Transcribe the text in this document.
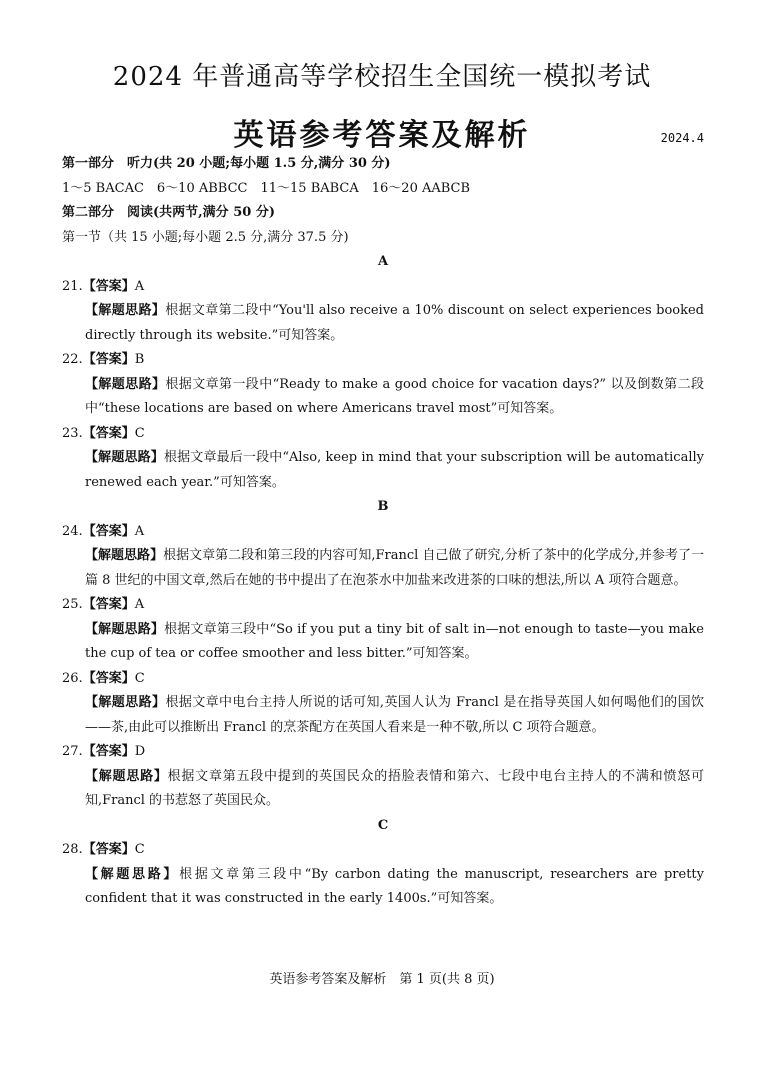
2024 年普通高等学校招生全国统一模拟考试
英语参考答案及解析	2024.4

第一部分　听力(共 20 小题;每小题 1.5 分,满分 30 分)

1～5 BACAC　6～10 ABBCC　11～15 BABCA　16～20 AABCB

第二部分　阅读(共两节,满分 50 分)

第一节（共 15 小题;每小题 2.5 分,满分 37.5 分)

A
21.【答案】A

【解题思路】根据文章第二段中“You'll also receive a 10% discount on select experiences booked directly through its website.”可知答案。

22.【答案】B

【解题思路】根据文章第一段中“Ready to make a good choice for vacation days?” 以及倒数第二段中“these locations are based on where Americans travel most”可知答案。

23.【答案】C

【解题思路】根据文章最后一段中“Also, keep in mind that your subscription will be automatically renewed each year.”可知答案。

B
24.【答案】A

【解题思路】根据文章第二段和第三段的内容可知,Francl 自己做了研究,分析了茶中的化学成分,并参考了一篇 8 世纪的中国文章,然后在她的书中提出了在泡茶水中加盐来改进茶的口味的想法,所以 A 项符合题意。

25.【答案】A

【解题思路】根据文章第三段中“So if you put a tiny bit of salt in—not enough to taste—you make the cup of tea or coffee smoother and less bitter.”可知答案。

26.【答案】C

【解题思路】根据文章中电台主持人所说的话可知,英国人认为 Francl 是在指导英国人如何喝他们的国饮——茶,由此可以推断出 Francl 的烹茶配方在英国人看来是一种不敬,所以 C 项符合题意。

27.【答案】D

【解题思路】根据文章第五段中提到的英国民众的捂脸表情和第六、七段中电台主持人的不满和愤怒可知,Francl 的书惹怒了英国民众。

C
28.【答案】C

【解题思路】根据文章第三段中“By carbon dating the manuscript, researchers are pretty confident that it was constructed in the early 1400s.”可知答案。

英语参考答案及解析　第 1 页(共 8 页)
